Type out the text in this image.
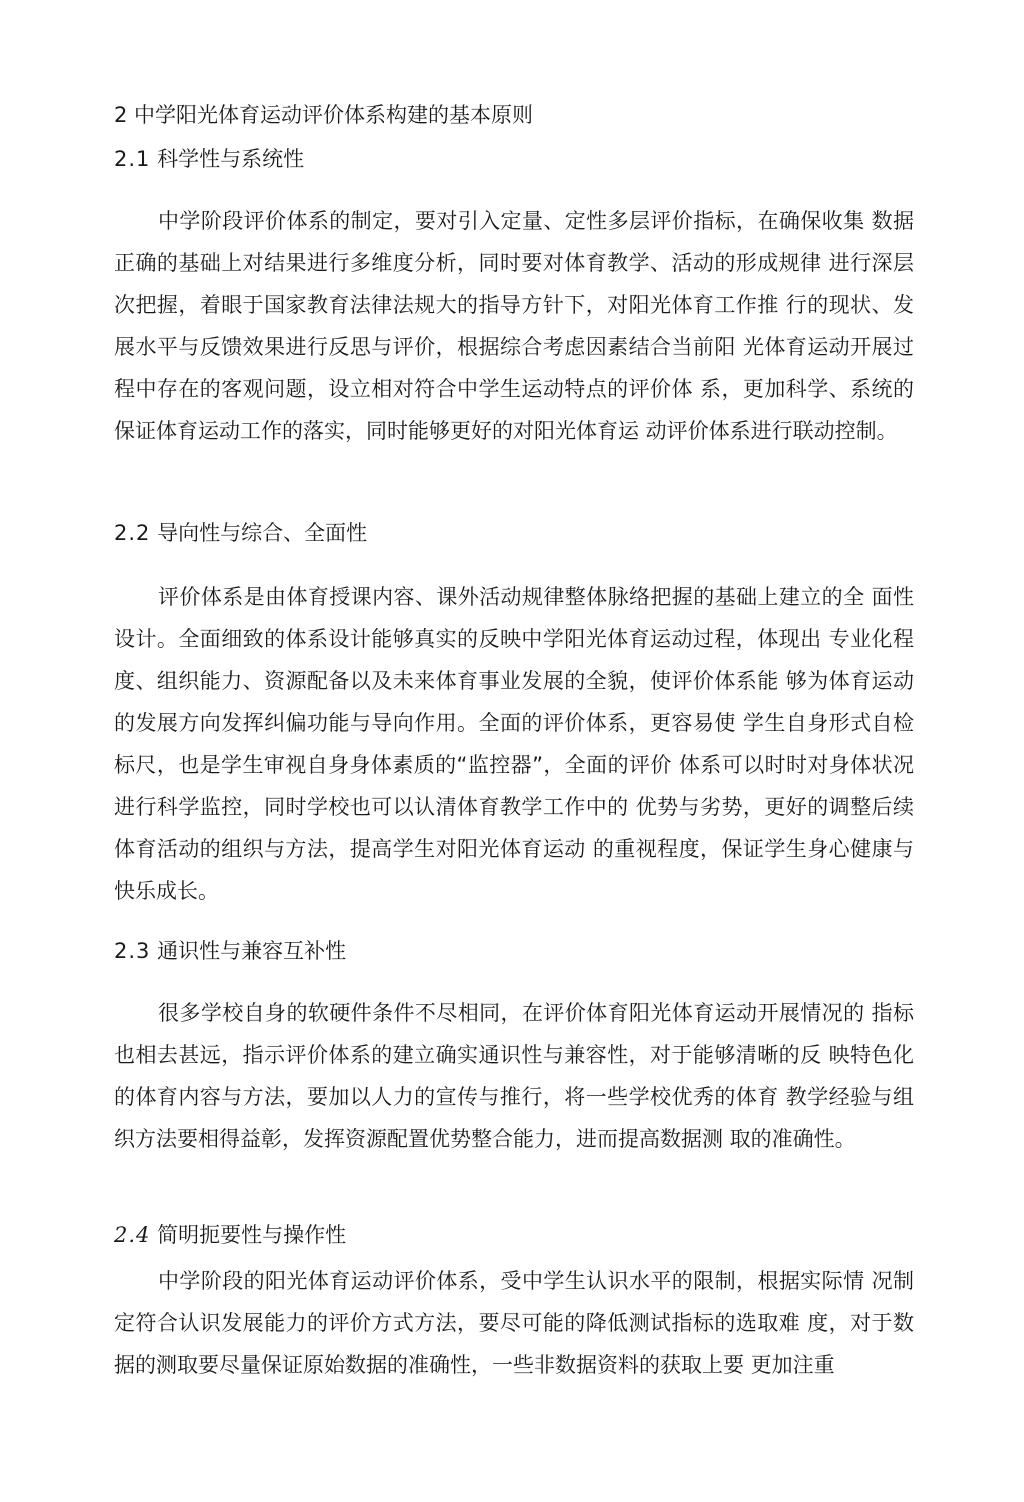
2 中学阳光体育运动评价体系构建的基本原则
2.1 科学性与系统性

中学阶段评价体系的制定，要对引入定量、定性多层评价指标，在确保收集 数据正确的基础上对结果进行多维度分析，同时要对体育教学、活动的形成规律 进行深层次把握，着眼于国家教育法律法规大的指导方针下，对阳光体育工作推 行的现状、发展水平与反馈效果进行反思与评价，根据综合考虑因素结合当前阳 光体育运动开展过程中存在的客观问题，设立相对符合中学生运动特点的评价体 系，更加科学、系统的保证体育运动工作的落实，同时能够更好的对阳光体育运 动评价体系进行联动控制。

2.2 导向性与综合、全面性

评价体系是由体育授课内容、课外活动规律整体脉络把握的基础上建立的全 面性设计。全面细致的体系设计能够真实的反映中学阳光体育运动过程，体现出 专业化程度、组织能力、资源配备以及未来体育事业发展的全貌，使评价体系能 够为体育运动的发展方向发挥纠偏功能与导向作用。全面的评价体系，更容易使 学生自身形式自检标尺，也是学生审视自身身体素质的“监控器”，全面的评价 体系可以时时对身体状况进行科学监控，同时学校也可以认清体育教学工作中的 优势与劣势，更好的调整后续体育活动的组织与方法，提高学生对阳光体育运动 的重视程度，保证学生身心健康与快乐成长。

2.3 通识性与兼容互补性

很多学校自身的软硬件条件不尽相同，在评价体育阳光体育运动开展情况的 指标也相去甚远，指示评价体系的建立确实通识性与兼容性，对于能够清晰的反 映特色化的体育内容与方法，要加以人力的宣传与推行，将一些学校优秀的体育 教学经验与组织方法要相得益彰，发挥资源配置优势整合能力，进而提高数据测 取的准确性。

2.4 简明扼要性与操作性

中学阶段的阳光体育运动评价体系，受中学生认识水平的限制，根据实际情 况制定符合认识发展能力的评价方式方法，要尽可能的降低测试指标的选取难 度，对于数据的测取要尽量保证原始数据的准确性，一些非数据资料的获取上要 更加注重
